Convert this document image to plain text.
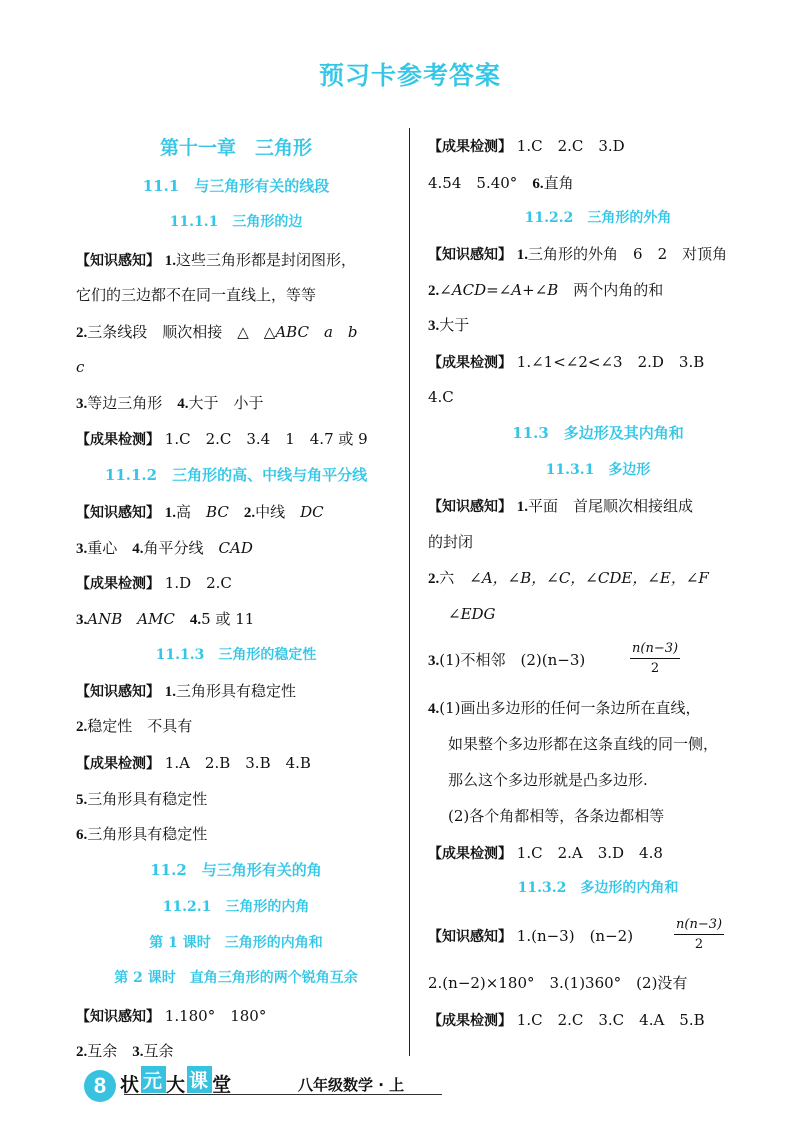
预习卡参考答案
第十一章　三角形
11.1　与三角形有关的线段
11.1.1　三角形的边
【知识感知】 1.这些三角形都是封闭图形，
它们的三边都不在同一直线上，等等
2.三条线段　顺次相接　△　△ABC　a　b
c
3.等边三角形　4.大于　小于
【成果检测】 1.C　2.C　3.4　1　4.7 或 9
11.1.2　三角形的高、中线与角平分线
【知识感知】 1.高　BC　2.中线　DC
3.重心　4.角平分线　CAD
【成果检测】 1.D　2.C
3.ANB　AMC　4.5 或 11
11.1.3　三角形的稳定性
【知识感知】 1.三角形具有稳定性
2.稳定性　不具有
【成果检测】 1.A　2.B　3.B　4.B
5.三角形具有稳定性
6.三角形具有稳定性
11.2　与三角形有关的角
11.2.1　三角形的内角
第 1 课时　三角形的内角和
第 2 课时　直角三角形的两个锐角互余
【知识感知】 1.180°　180°
2.互余　3.互余
【成果检测】 1.C　2.C　3.D
4.54　5.40°　6.直角
11.2.2　三角形的外角
【知识感知】 1.三角形的外角　6　2　对顶角
2.∠ACD=∠A+∠B　两个内角的和
3.大于
【成果检测】 1.∠1<∠2<∠3　2.D　3.B
4.C
11.3　多边形及其内角和
11.3.1　多边形
【知识感知】 1.平面　首尾顺次相接组成
的封闭
2.六　∠A，∠B，∠C，∠CDE，∠E，∠F
∠EDG
3.(1)不相邻　(2)(n−3)	$\frac{n(n-3)}{2}$
4.(1)画出多边形的任何一条边所在直线，
如果整个多边形都在这条直线的同一侧，
那么这个多边形就是凸多边形.
(2)各个角都相等，各条边都相等
【成果检测】 1.C　2.A　3.D　4.8
11.3.2　多边形的内角和
【知识感知】 1.(n−3)　(n−2)	$\frac{n(n-3)}{2}$
2.(n−2)×180°　3.(1)360°　(2)没有
【成果检测】 1.C　2.C　3.C　4.A　5.B
8 状 元 大 课 堂	八年级数学 · 上
